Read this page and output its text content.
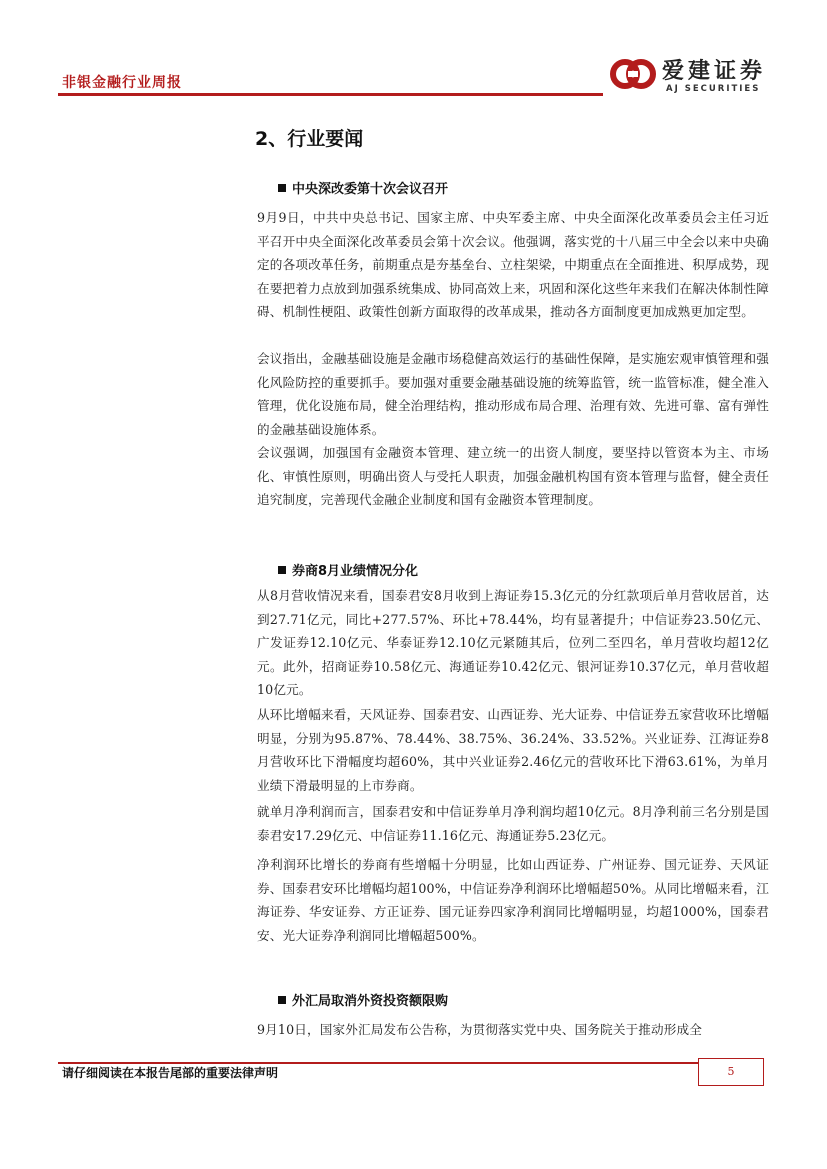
非银金融行业周报	爱建证券
AJ SECURITIES
2、行业要闻
中央深改委第十次会议召开
9月9日，中共中央总书记、国家主席、中央军委主席、中央全面深化改革委员会主任习近平召开中央全面深化改革委员会第十次会议。他强调，落实党的十八届三中全会以来中央确定的各项改革任务，前期重点是夯基垒台、立柱架梁，中期重点在全面推进、积厚成势，现在要把着力点放到加强系统集成、协同高效上来，巩固和深化这些年来我们在解决体制性障碍、机制性梗阻、政策性创新方面取得的改革成果，推动各方面制度更加成熟更加定型。
会议指出，金融基础设施是金融市场稳健高效运行的基础性保障，是实施宏观审慎管理和强化风险防控的重要抓手。要加强对重要金融基础设施的统筹监管，统一监管标准，健全准入管理，优化设施布局，健全治理结构，推动形成布局合理、治理有效、先进可靠、富有弹性的金融基础设施体系。
会议强调，加强国有金融资本管理、建立统一的出资人制度，要坚持以管资本为主、市场化、审慎性原则，明确出资人与受托人职责，加强金融机构国有资本管理与监督，健全责任追究制度，完善现代金融企业制度和国有金融资本管理制度。
券商8月业绩情况分化
从8月营收情况来看，国泰君安8月收到上海证券15.3亿元的分红款项后单月营收居首，达到27.71亿元，同比+277.57%、环比+78.44%，均有显著提升；中信证券23.50亿元、广发证券12.10亿元、华泰证券12.10亿元紧随其后，位列二至四名，单月营收均超12亿元。此外，招商证券10.58亿元、海通证券10.42亿元、银河证券10.37亿元，单月营收超10亿元。
从环比增幅来看，天风证券、国泰君安、山西证券、光大证券、中信证券五家营收环比增幅明显，分别为95.87%、78.44%、38.75%、36.24%、33.52%。兴业证券、江海证券8月营收环比下滑幅度均超60%，其中兴业证券2.46亿元的营收环比下滑63.61%，为单月业绩下滑最明显的上市券商。
就单月净利润而言，国泰君安和中信证券单月净利润均超10亿元。8月净利前三名分别是国泰君安17.29亿元、中信证券11.16亿元、海通证券5.23亿元。
净利润环比增长的券商有些增幅十分明显，比如山西证券、广州证券、国元证券、天风证券、国泰君安环比增幅均超100%，中信证券净利润环比增幅超50%。从同比增幅来看，江海证券、华安证券、方正证券、国元证券四家净利润同比增幅明显，均超1000%，国泰君安、光大证券净利润同比增幅超500%。
外汇局取消外资投资额限购
9月10日，国家外汇局发布公告称，为贯彻落实党中央、国务院关于推动形成全
请仔细阅读在本报告尾部的重要法律声明	5
